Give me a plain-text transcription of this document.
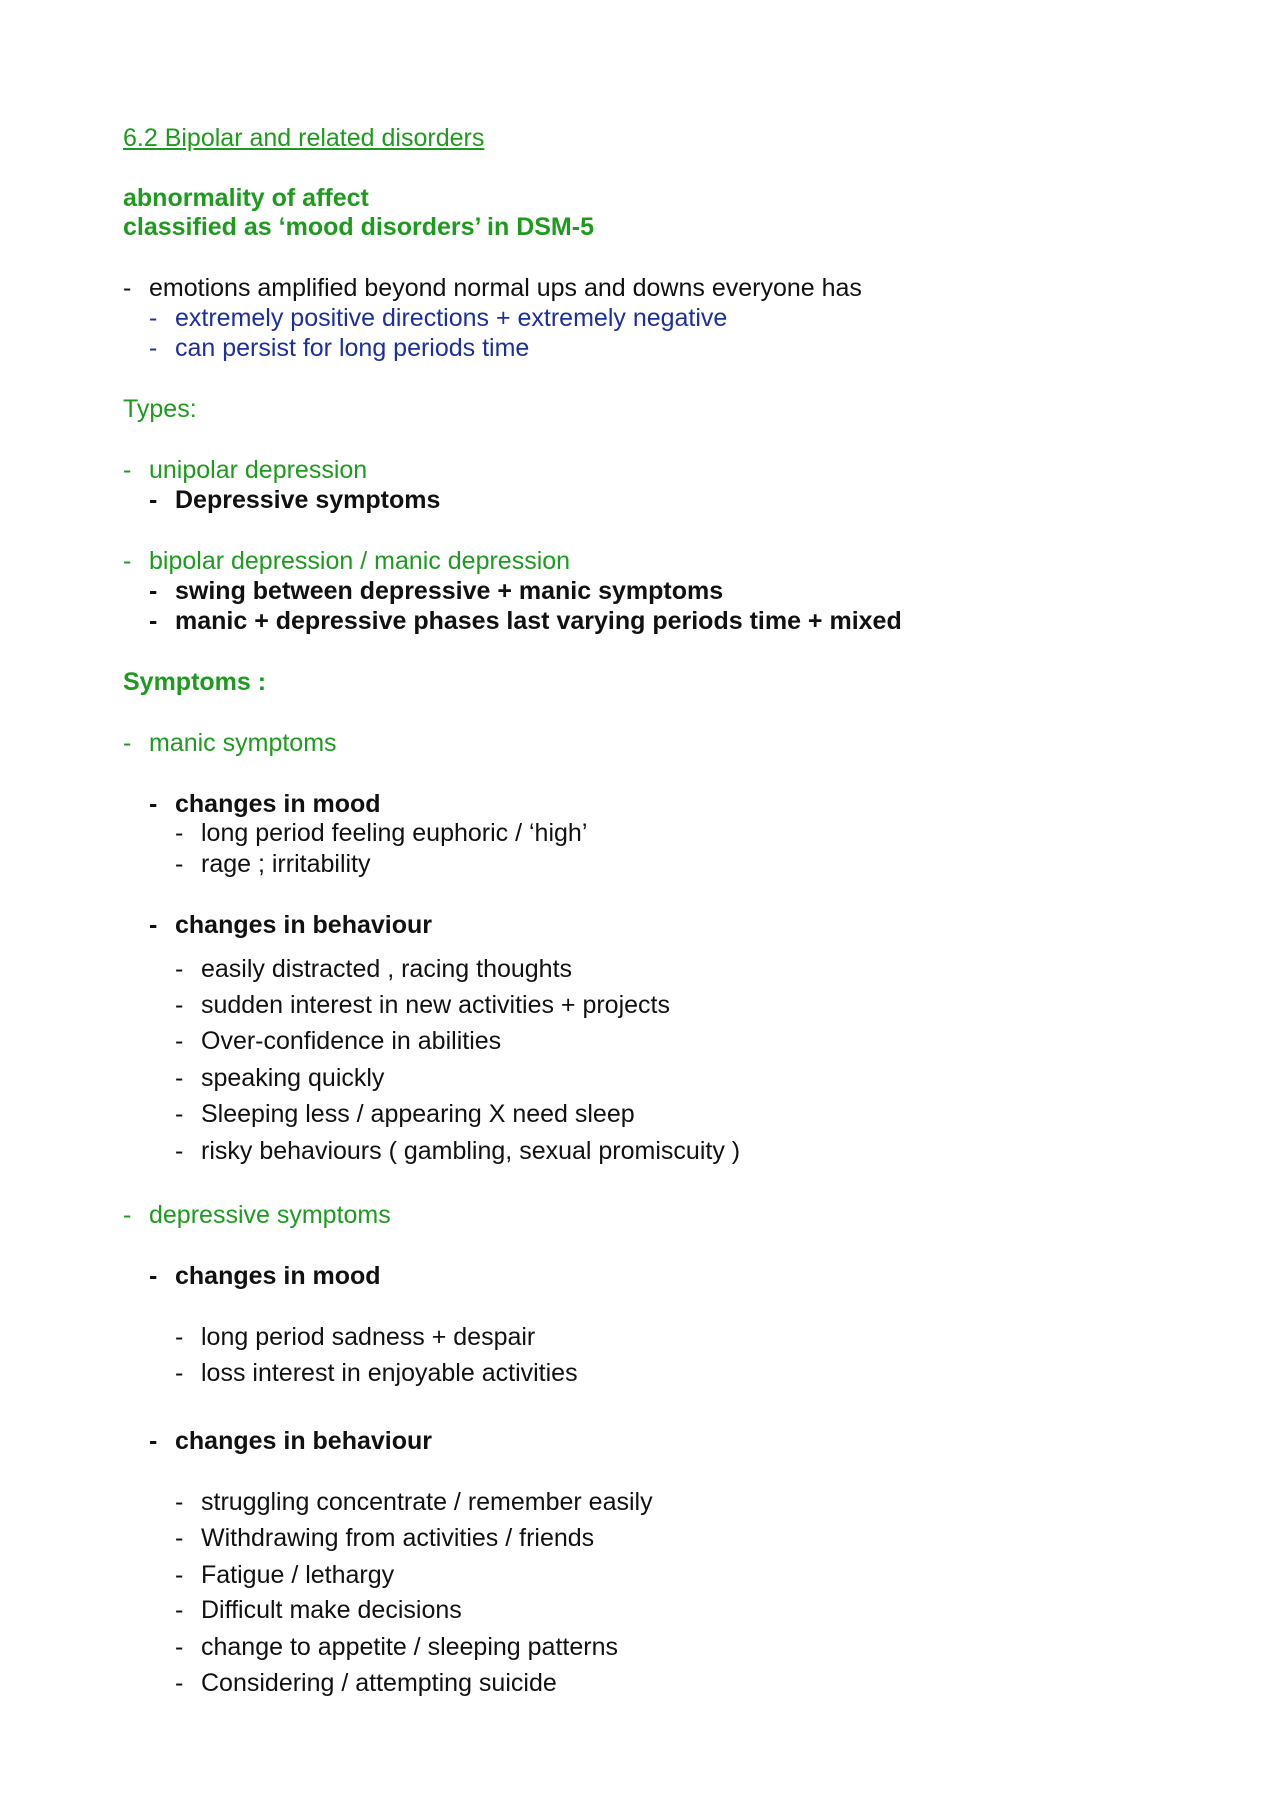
6.2 Bipolar and related disorders
abnormality of affect
classified as ‘mood disorders’ in DSM-5
- emotions amplified beyond normal ups and downs everyone has
- extremely positive directions + extremely negative
- can persist for long periods time
Types:
- unipolar depression
- Depressive symptoms
- bipolar depression / manic depression
- swing between depressive + manic symptoms
- manic + depressive phases last varying periods time + mixed
Symptoms :
- manic symptoms
- changes in mood
- long period feeling euphoric / ‘high’
- rage ; irritability
- changes in behaviour
- easily distracted , racing thoughts
- sudden interest in new activities + projects
- Over-confidence in abilities
- speaking quickly
- Sleeping less / appearing X need sleep
- risky behaviours ( gambling, sexual promiscuity )
- depressive symptoms
- changes in mood
- long period sadness + despair
- loss interest in enjoyable activities
- changes in behaviour
- struggling concentrate / remember easily
- Withdrawing from activities / friends
- Fatigue / lethargy
- Difficult make decisions
- change to appetite / sleeping patterns
- Considering / attempting suicide
